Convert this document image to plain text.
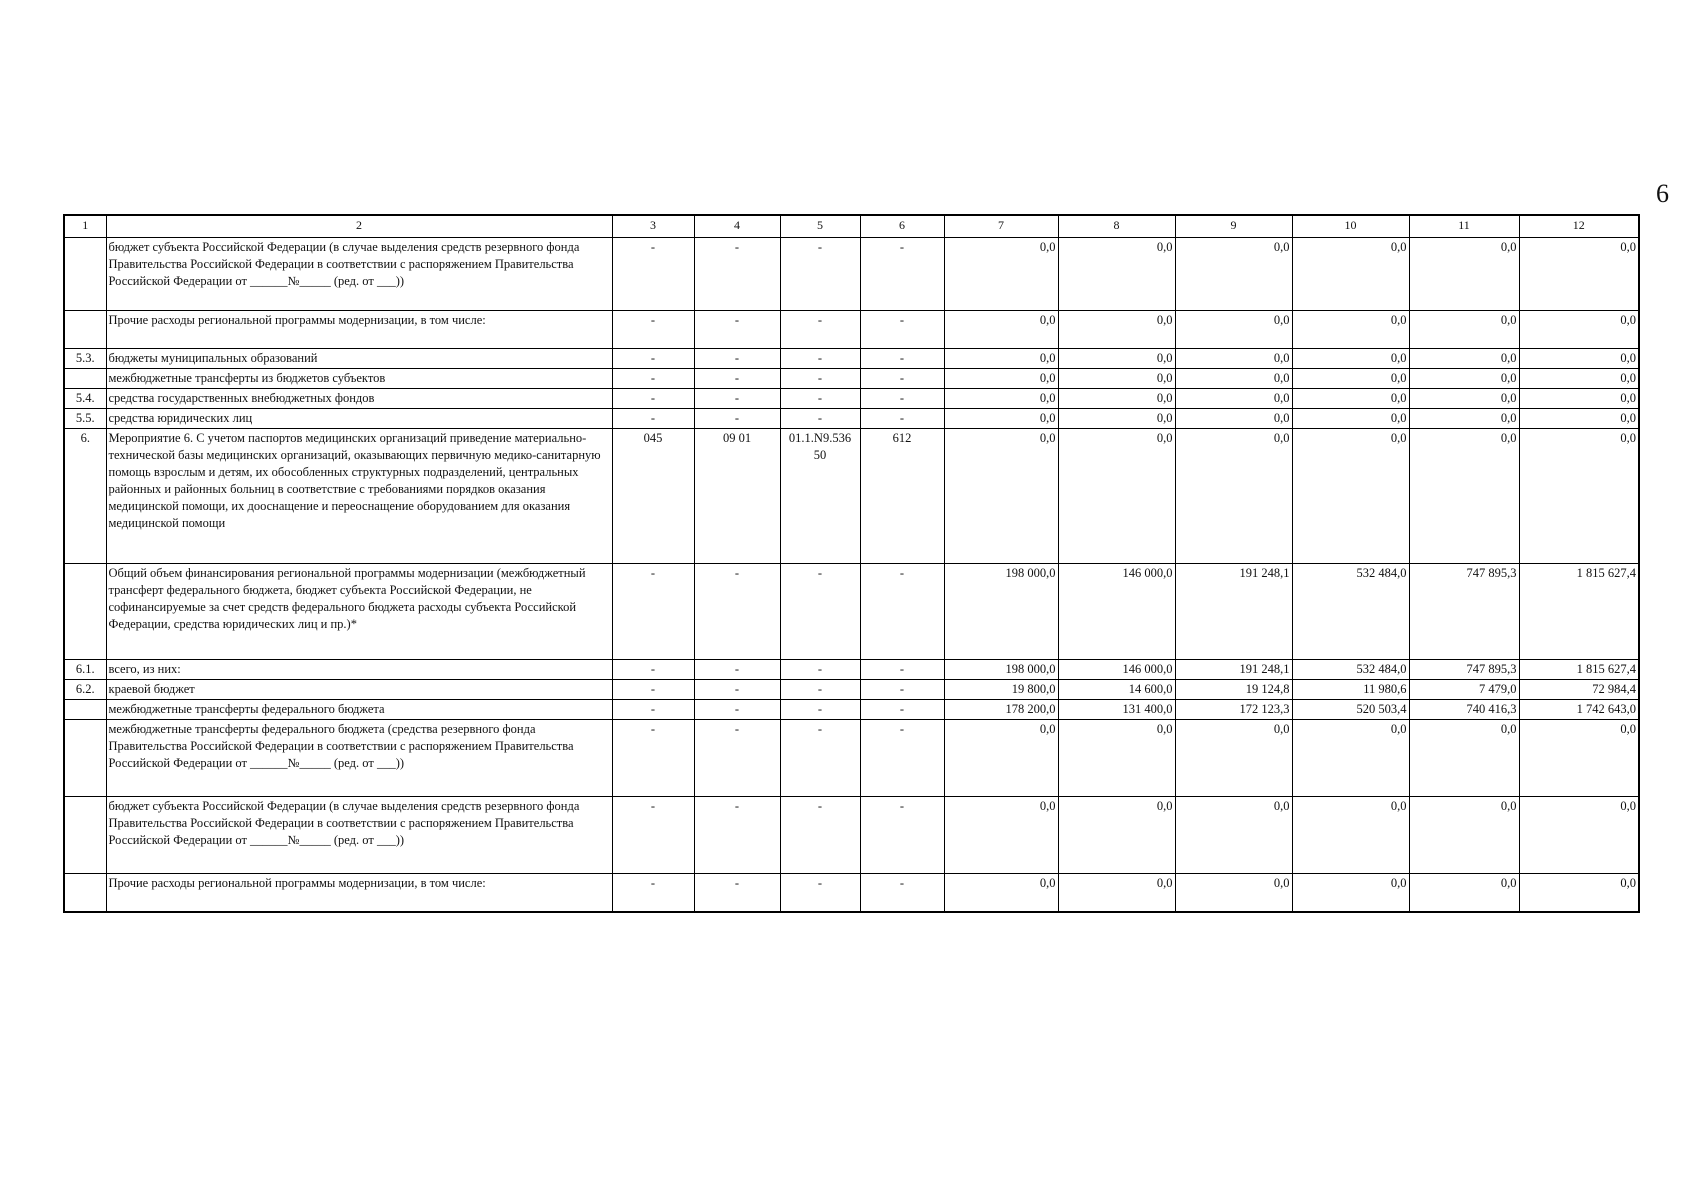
6
1	2	3	4	5	6	7	8	9	10	11	12
	бюджет субъекта Российской Федерации (в случае выделения средств резервного фонда Правительства Российской Федерации в соответствии с распоряжением Правительства Российской Федерации от ______№_____ (ред. от ___))	-	-	-	-	0,0	0,0	0,0	0,0	0,0	0,0
	Прочие расходы региональной программы модернизации, в том числе:	-	-	-	-	0,0	0,0	0,0	0,0	0,0	0,0
5.3.	бюджеты муниципальных образований	-	-	-	-	0,0	0,0	0,0	0,0	0,0	0,0
	межбюджетные трансферты из бюджетов субъектов	-	-	-	-	0,0	0,0	0,0	0,0	0,0	0,0
5.4.	средства государственных внебюджетных фондов	-	-	-	-	0,0	0,0	0,0	0,0	0,0	0,0
5.5.	средства юридических лиц	-	-	-	-	0,0	0,0	0,0	0,0	0,0	0,0
6.	Мероприятие 6. С учетом паспортов медицинских организаций приведение материально-технической базы медицинских организаций, оказывающих первичную медико-санитарную помощь взрослым и детям, их обособленных структурных подразделений, центральных районных и районных больниц в соответствие с требованиями порядков оказания медицинской помощи, их дооснащение и переоснащение оборудованием для оказания медицинской помощи	045	09 01	01.1.N9.536 50	612	0,0	0,0	0,0	0,0	0,0	0,0
	Общий объем финансирования региональной программы модернизации (межбюджетный трансферт федерального бюджета, бюджет субъекта Российской Федерации, не софинансируемые за счет средств федерального бюджета расходы субъекта Российской Федерации, средства юридических лиц и пр.)*	-	-	-	-	198 000,0	146 000,0	191 248,1	532 484,0	747 895,3	1 815 627,4
6.1.	всего, из них:	-	-	-	-	198 000,0	146 000,0	191 248,1	532 484,0	747 895,3	1 815 627,4
6.2.	краевой бюджет	-	-	-	-	19 800,0	14 600,0	19 124,8	11 980,6	7 479,0	72 984,4
	межбюджетные трансферты федерального бюджета	-	-	-	-	178 200,0	131 400,0	172 123,3	520 503,4	740 416,3	1 742 643,0
	межбюджетные трансферты федерального бюджета (средства резервного фонда Правительства Российской Федерации в соответствии с распоряжением Правительства Российской Федерации от ______№_____ (ред. от ___))	-	-	-	-	0,0	0,0	0,0	0,0	0,0	0,0
	бюджет субъекта Российской Федерации (в случае выделения средств резервного фонда Правительства Российской Федерации в соответствии с распоряжением Правительства Российской Федерации от ______№_____ (ред. от ___))	-	-	-	-	0,0	0,0	0,0	0,0	0,0	0,0
	Прочие расходы региональной программы модернизации, в том числе:	-	-	-	-	0,0	0,0	0,0	0,0	0,0	0,0
